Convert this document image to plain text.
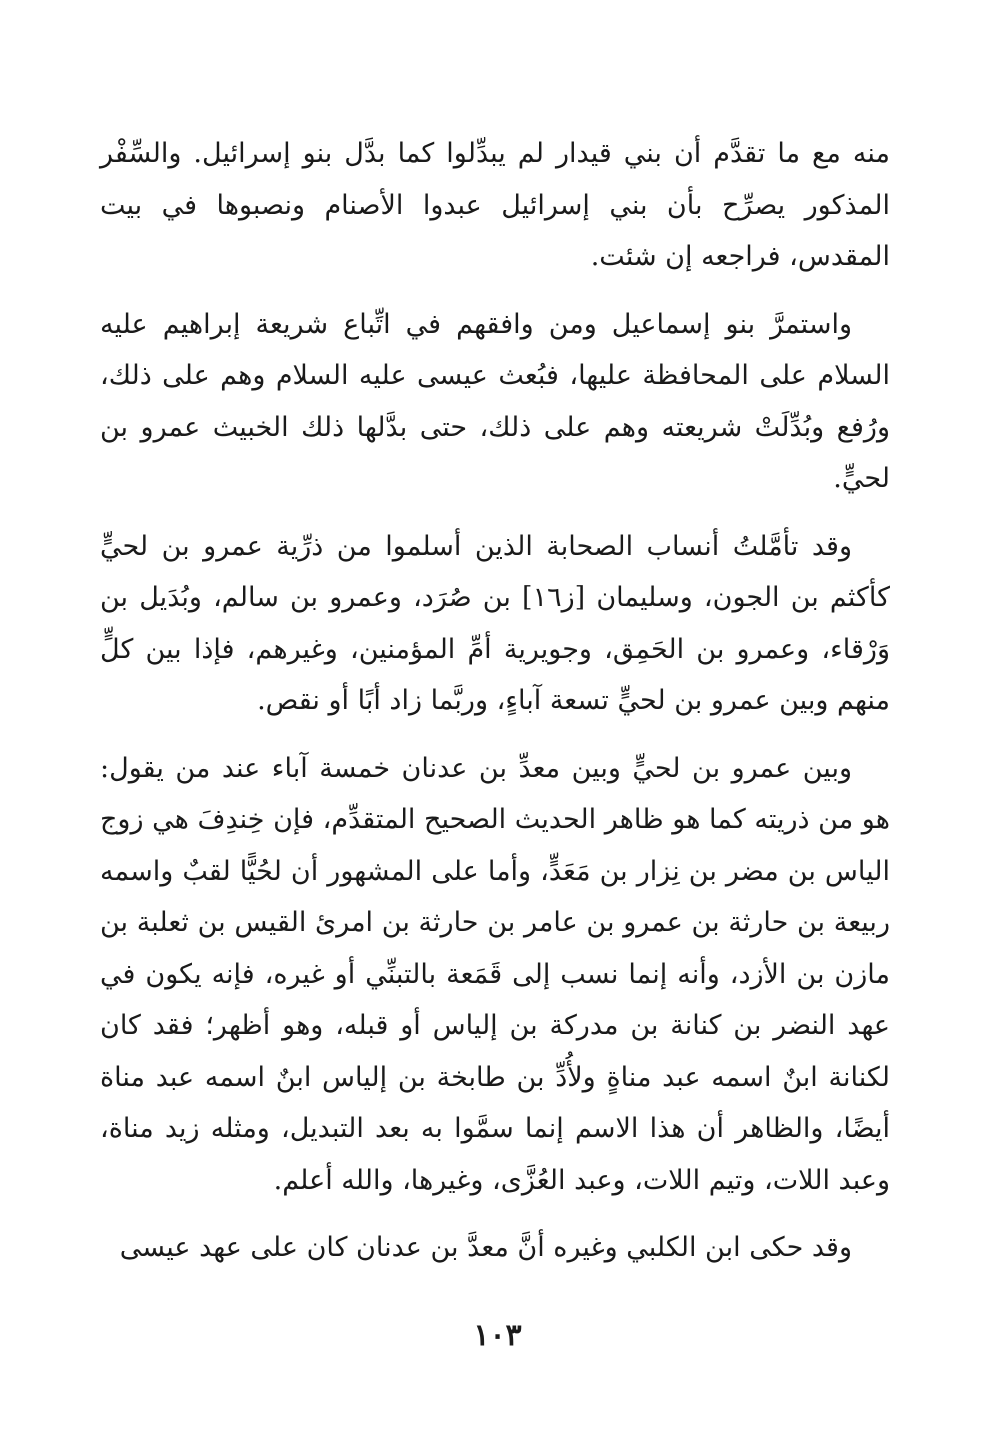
منه مع ما تقدَّم أن بني قيدار لم يبدِّلوا كما بدَّل بنو إسرائيل. والسِّفْر المذكور يصرِّح بأن بني إسرائيل عبدوا الأصنام ونصبوها في بيت المقدس، فراجعه إن شئت.

واستمرَّ بنو إسماعيل ومن وافقهم في اتِّباع شريعة إبراهيم عليه السلام على المحافظة عليها، فبُعث عيسى عليه السلام وهم على ذلك، ورُفع وبُدِّلَتْ شريعته وهم على ذلك، حتى بدَّلها ذلك الخبيث عمرو بن لحيٍّ.

وقد تأمَّلتُ أنساب الصحابة الذين أسلموا من ذرِّية عمرو بن لحيٍّ كأكثم بن الجون، وسليمان [ز١٦] بن صُرَد، وعمرو بن سالم، وبُدَيل بن وَرْقاء، وعمرو بن الحَمِق، وجويرية أمِّ المؤمنين، وغيرهم، فإذا بين كلٍّ منهم وبين عمرو بن لحيٍّ تسعة آباءٍ، وربَّما زاد أبًا أو نقص.

وبين عمرو بن لحيٍّ وبين معدِّ بن عدنان خمسة آباء عند من يقول: هو من ذريته كما هو ظاهر الحديث الصحيح المتقدِّم، فإن خِندِفَ هي زوج الياس بن مضر بن نِزار بن مَعَدٍّ، وأما على المشهور أن لحُيًّا لقبٌ واسمه ربيعة بن حارثة بن عمرو بن عامر بن حارثة بن امرئ القيس بن ثعلبة بن مازن بن الأزد، وأنه إنما نسب إلى قَمَعة بالتبنِّي أو غيره، فإنه يكون في عهد النضر بن كنانة بن مدركة بن إلياس أو قبله، وهو أظهر؛ فقد كان لكنانة ابنٌ اسمه عبد مناةٍ ولأُدِّ بن طابخة بن إلياس ابنٌ اسمه عبد مناة أيضًا، والظاهر أن هذا الاسم إنما سمَّوا به بعد التبديل، ومثله زيد مناة، وعبد اللات، وتيم اللات، وعبد العُزَّى، وغيرها، والله أعلم.

وقد حكى ابن الكلبي وغيره أنَّ معدَّ بن عدنان كان على عهد عيسى

١٠٣
